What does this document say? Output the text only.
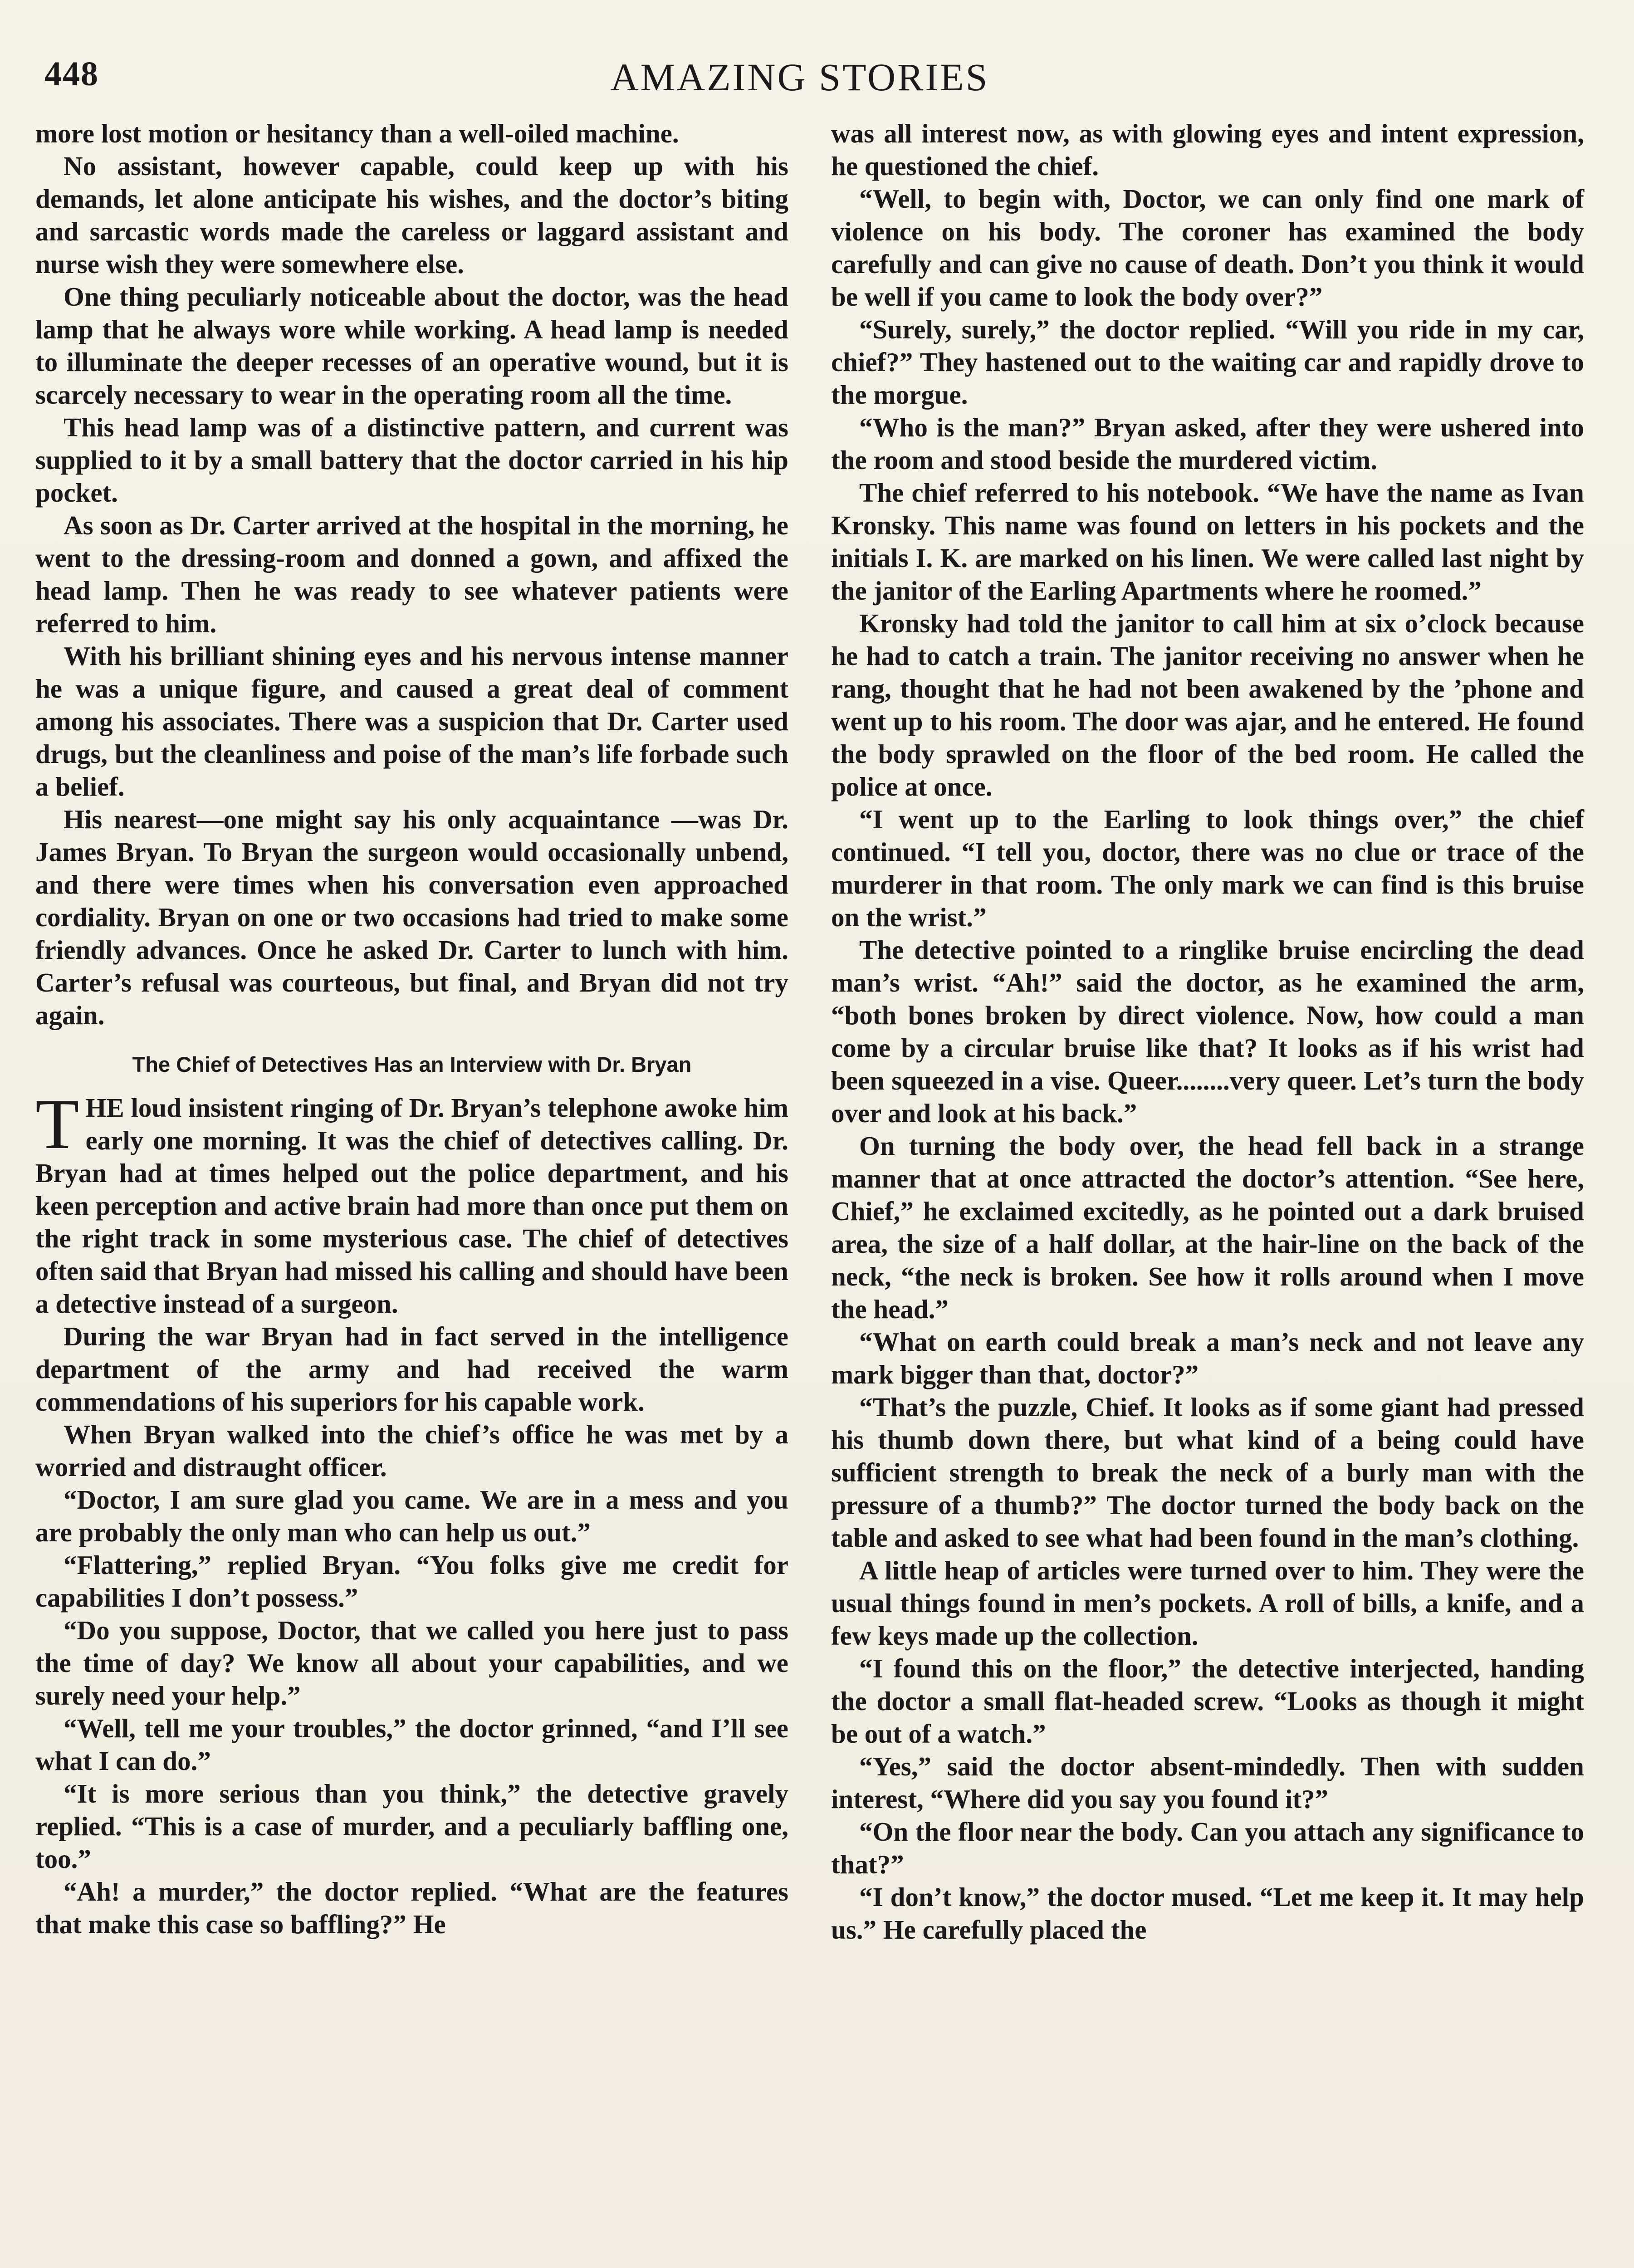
448	AMAZING STORIES

more lost motion or hesitancy than a well-oiled machine.

No assistant, however capable, could keep up with his demands, let alone anticipate his wishes, and the doctor’s biting and sarcastic words made the careless or laggard assistant and nurse wish they were somewhere else.

One thing peculiarly noticeable about the doctor, was the head lamp that he always wore while working. A head lamp is needed to illuminate the deeper recesses of an operative wound, but it is scarcely necessary to wear in the operating room all the time.

This head lamp was of a distinctive pattern, and current was supplied to it by a small battery that the doctor carried in his hip pocket.

As soon as Dr. Carter arrived at the hospital in the morning, he went to the dressing-room and donned a gown, and affixed the head lamp. Then he was ready to see whatever patients were referred to him.

With his brilliant shining eyes and his nervous intense manner he was a unique figure, and caused a great deal of comment among his associates. There was a suspicion that Dr. Carter used drugs, but the cleanliness and poise of the man’s life forbade such a belief.

His nearest—one might say his only acquaintance —was Dr. James Bryan. To Bryan the surgeon would occasionally unbend, and there were times when his conversation even approached cordiality. Bryan on one or two occasions had tried to make some friendly advances. Once he asked Dr. Carter to lunch with him. Carter’s refusal was courteous, but final, and Bryan did not try again.

The Chief of Detectives Has an Interview with Dr. Bryan

THE loud insistent ringing of Dr. Bryan’s telephone awoke him early one morning. It was the chief of detectives calling. Dr. Bryan had at times helped out the police department, and his keen perception and active brain had more than once put them on the right track in some mysterious case. The chief of detectives often said that Bryan had missed his calling and should have been a detective instead of a surgeon.

During the war Bryan had in fact served in the intelligence department of the army and had received the warm commendations of his superiors for his capable work.

When Bryan walked into the chief’s office he was met by a worried and distraught officer.

“Doctor, I am sure glad you came. We are in a mess and you are probably the only man who can help us out.”

“Flattering,” replied Bryan. “You folks give me credit for capabilities I don’t possess.”

“Do you suppose, Doctor, that we called you here just to pass the time of day? We know all about your capabilities, and we surely need your help.”

“Well, tell me your troubles,” the doctor grinned, “and I’ll see what I can do.”

“It is more serious than you think,” the detective gravely replied. “This is a case of murder, and a peculiarly baffling one, too.”

“Ah! a murder,” the doctor replied. “What are the features that make this case so baffling?” He

was all interest now, as with glowing eyes and intent expression, he questioned the chief.

“Well, to begin with, Doctor, we can only find one mark of violence on his body. The coroner has examined the body carefully and can give no cause of death. Don’t you think it would be well if you came to look the body over?”

“Surely, surely,” the doctor replied. “Will you ride in my car, chief?” They hastened out to the waiting car and rapidly drove to the morgue.

“Who is the man?” Bryan asked, after they were ushered into the room and stood beside the murdered victim.

The chief referred to his notebook. “We have the name as Ivan Kronsky. This name was found on letters in his pockets and the initials I. K. are marked on his linen. We were called last night by the janitor of the Earling Apartments where he roomed.”

Kronsky had told the janitor to call him at six o’clock because he had to catch a train. The janitor receiving no answer when he rang, thought that he had not been awakened by the ’phone and went up to his room. The door was ajar, and he entered. He found the body sprawled on the floor of the bed room. He called the police at once.

“I went up to the Earling to look things over,” the chief continued. “I tell you, doctor, there was no clue or trace of the murderer in that room. The only mark we can find is this bruise on the wrist.”

The detective pointed to a ringlike bruise encircling the dead man’s wrist. “Ah!” said the doctor, as he examined the arm, “both bones broken by direct violence. Now, how could a man come by a circular bruise like that? It looks as if his wrist had been squeezed in a vise. Queer........very queer. Let’s turn the body over and look at his back.”

On turning the body over, the head fell back in a strange manner that at once attracted the doctor’s attention. “See here, Chief,” he exclaimed excitedly, as he pointed out a dark bruised area, the size of a half dollar, at the hair-line on the back of the neck, “the neck is broken. See how it rolls around when I move the head.”

“What on earth could break a man’s neck and not leave any mark bigger than that, doctor?”

“That’s the puzzle, Chief. It looks as if some giant had pressed his thumb down there, but what kind of a being could have sufficient strength to break the neck of a burly man with the pressure of a thumb?” The doctor turned the body back on the table and asked to see what had been found in the man’s clothing.

A little heap of articles were turned over to him. They were the usual things found in men’s pockets. A roll of bills, a knife, and a few keys made up the collection.

“I found this on the floor,” the detective interjected, handing the doctor a small flat-headed screw. “Looks as though it might be out of a watch.”

“Yes,” said the doctor absent-mindedly. Then with sudden interest, “Where did you say you found it?”

“On the floor near the body. Can you attach any significance to that?”

“I don’t know,” the doctor mused. “Let me keep it. It may help us.” He carefully placed the
